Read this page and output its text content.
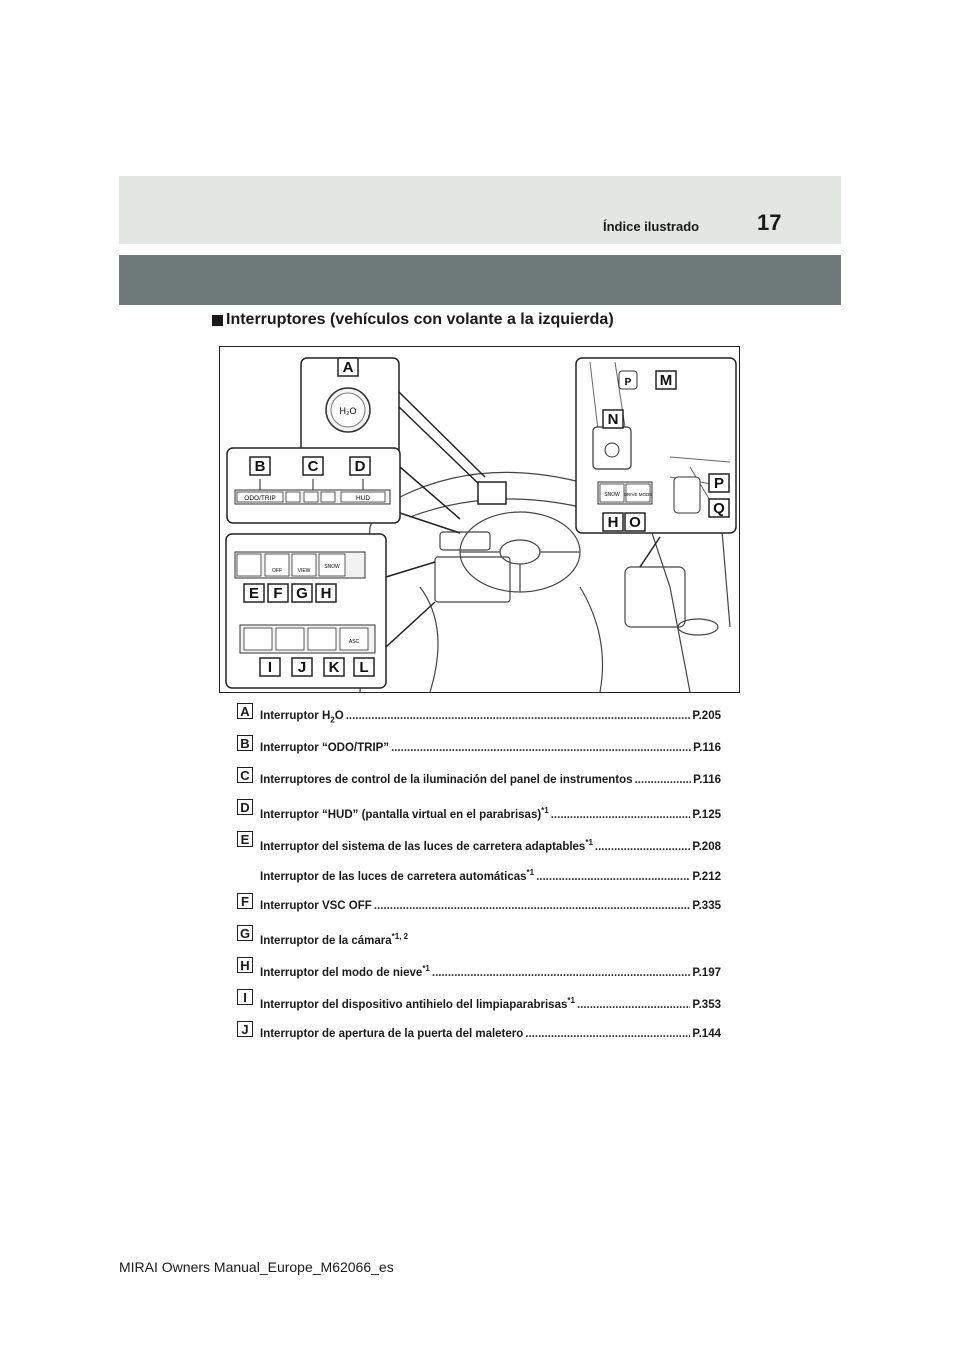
Índice ilustrado	17
Interruptores (vehículos con volante a la izquierda)
H₂O
ODO/TRIP	HUD
OFF	VIEW
SNOW
ASC
P
SNOW DRIVE MODE
A
B	C D
E F G H
I J K L
M
N
O
H
P
Q
A Interruptor $H_2O$ .....	P.205
B Interruptor “ODO/TRIP” .....	P.116
C Interruptores de control de la iluminación del panel de instrumentos .....	P.116
D Interruptor “HUD” (pantalla virtual en el parabrisas)$^{*1}$ .....	P.125
E Interruptor del sistema de las luces de carretera adaptables$^{*1}$ .....	P.208
Interruptor de las luces de carretera automáticas$^{*1}$ .....	P.212
F Interruptor VSC OFF .....	P.335
G Interruptor de la cámara$^{*1, 2}$
H Interruptor del modo de nieve$^{*1}$ .....	P.197
I	Interruptor del dispositivo antihielo del limpiaparabrisas$^{*1}$ .....	P.353
J Interruptor de apertura de la puerta del maletero .....	P.144
MIRAI Owners Manual_Europe_M62066_es
